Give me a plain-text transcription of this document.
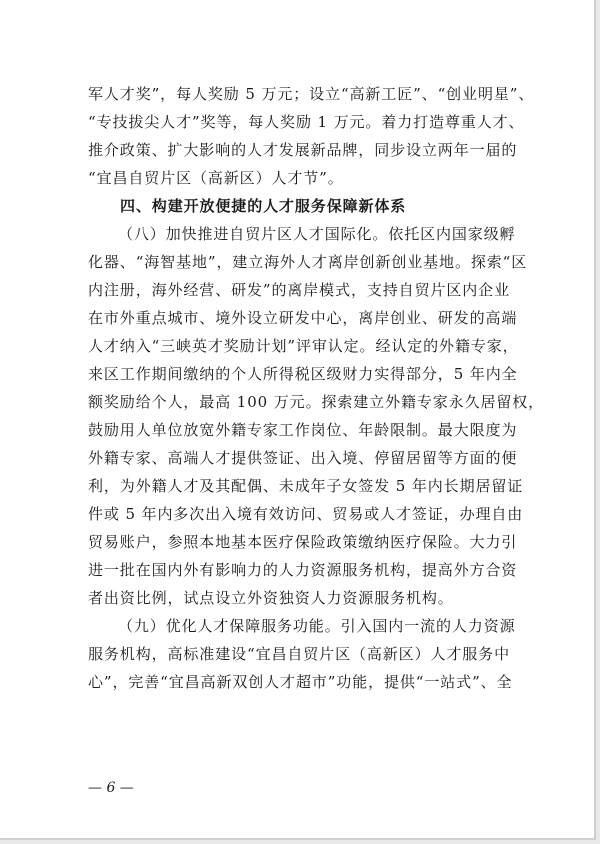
军人才奖”，每人奖励 5 万元；设立“高新工匠”、“创业明星”、
“专技拔尖人才”奖等，每人奖励 1 万元。着力打造尊重人才、
推介政策、扩大影响的人才发展新品牌，同步设立两年一届的
“宜昌自贸片区（高新区）人才节”。
四、构建开放便捷的人才服务保障新体系
（八）加快推进自贸片区人才国际化。依托区内国家级孵
化器、“海智基地”，建立海外人才离岸创新创业基地。探索“区
内注册，海外经营、研发”的离岸模式，支持自贸片区内企业
在市外重点城市、境外设立研发中心，离岸创业、研发的高端
人才纳入“三峡英才奖励计划”评审认定。经认定的外籍专家，
来区工作期间缴纳的个人所得税区级财力实得部分，5 年内全
额奖励给个人，最高 100 万元。探索建立外籍专家永久居留权，
鼓励用人单位放宽外籍专家工作岗位、年龄限制。最大限度为
外籍专家、高端人才提供签证、出入境、停留居留等方面的便
利，为外籍人才及其配偶、未成年子女签发 5 年内长期居留证
件或 5 年内多次出入境有效访问、贸易或人才签证，办理自由
贸易账户，参照本地基本医疗保险政策缴纳医疗保险。大力引
进一批在国内外有影响力的人力资源服务机构，提高外方合资
者出资比例，试点设立外资独资人力资源服务机构。
（九）优化人才保障服务功能。引入国内一流的人力资源
服务机构，高标准建设“宜昌自贸片区（高新区）人才服务中
心”，完善“宜昌高新双创人才超市”功能，提供“一站式”、全
— 6 —
